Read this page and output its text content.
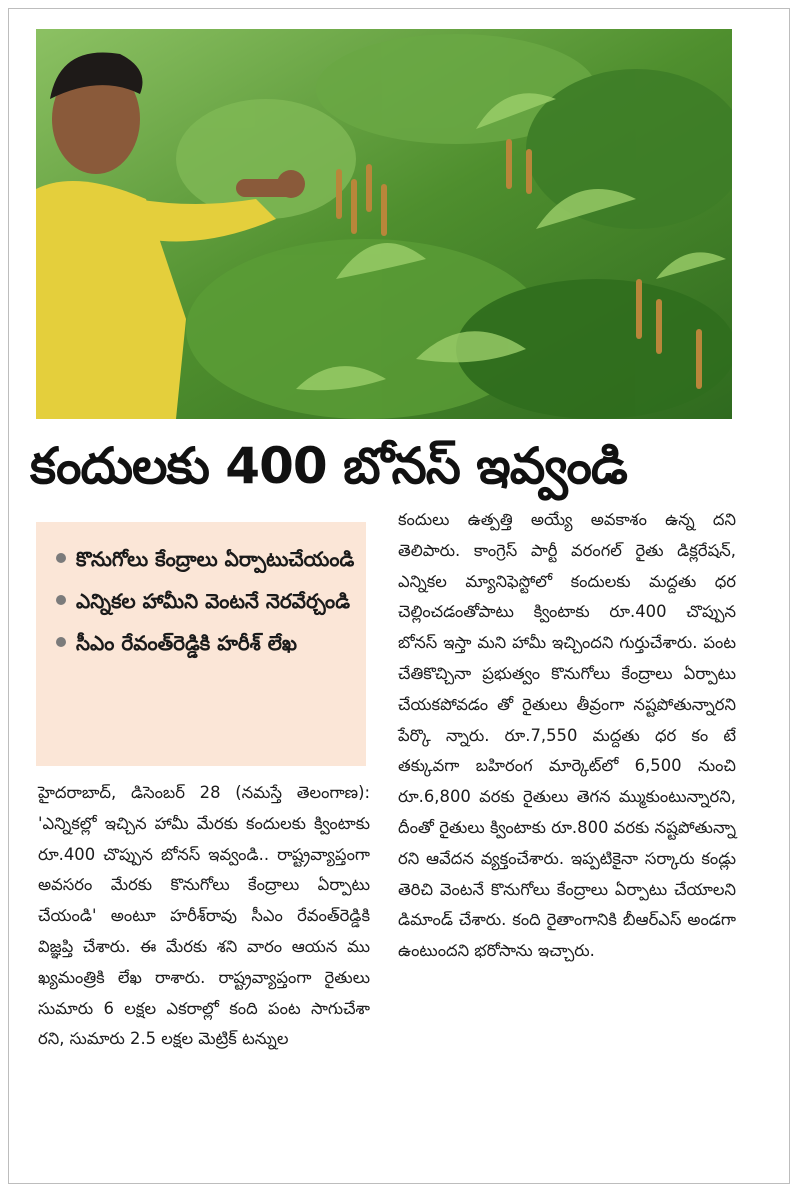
కందులకు 400 బోనస్‌ ఇవ్వండి
కొనుగోలు కేంద్రాలు ఏర్పాటుచేయండి
ఎన్నికల హామీని వెంటనే నెరవేర్చండి
సీఎం రేవంత్‌రెడ్డికి హరీశ్‌ లేఖ

హైదరాబాద్‌, డిసెంబర్‌ 28 (నమస్తే తెలంగాణ): 'ఎన్నికల్లో ఇచ్చిన హామీ మేరకు కందులకు క్వింటాకు రూ.400 చొప్పున బోనస్‌ ఇవ్వండి.. రాష్ట్రవ్యాప్తంగా అవసరం మేరకు కొనుగోలు కేంద్రాలు ఏర్పాటు చేయండి' అంటూ హరీశ్‌రావు సీఎం రేవంత్‌రెడ్డికి విజ్ఞప్తి చేశారు. ఈ మేరకు శని వారం ఆయన ము ఖ్యమంత్రికి లేఖ రాశారు. రాష్ట్రవ్యాప్తంగా రైతులు సుమారు 6 లక్షల ఎకరాల్లో కంది పంట సాగుచేశా రని, సుమారు 2.5 లక్షల మెట్రిక్‌ టన్నుల

కందులు ఉత్పత్తి అయ్యే అవకాశం ఉన్న దని తెలిపారు. కాంగ్రెస్‌ పార్టీ వరంగల్‌ రైతు డిక్లరేషన్‌, ఎన్నికల మ్యానిఫెస్టోలో కందులకు మద్దతు ధర చెల్లించడంతోపాటు క్వింటాకు రూ.400 చొప్పున బోనస్‌ ఇస్తా మని హామీ ఇచ్చిందని గుర్తుచేశారు. పంట చేతికొచ్చినా ప్రభుత్వం కొనుగోలు కేంద్రాలు ఏర్పాటు చేయకపోవడం తో రైతులు తీవ్రంగా నష్టపోతున్నారని పేర్కొ న్నారు. రూ.7,550 మద్దతు ధర కం టే తక్కువగా బహిరంగ మార్కెట్‌లో 6,500 నుంచి రూ.6,800 వరకు రైతులు తెగన మ్ముకుంటున్నారని, దీంతో రైతులు క్వింటాకు రూ.800 వరకు నష్టపోతున్నా రని ఆవేదన వ్యక్తంచేశారు. ఇప్పటికైనా సర్కారు కండ్లు తెరిచి వెంటనే కొనుగోలు కేంద్రాలు ఏర్పాటు చేయాలని డిమాండ్‌ చేశారు. కంది రైతాంగానికి బీఆర్‌ఎస్‌ అండగా ఉంటుందని భరోసాను ఇచ్చారు.
